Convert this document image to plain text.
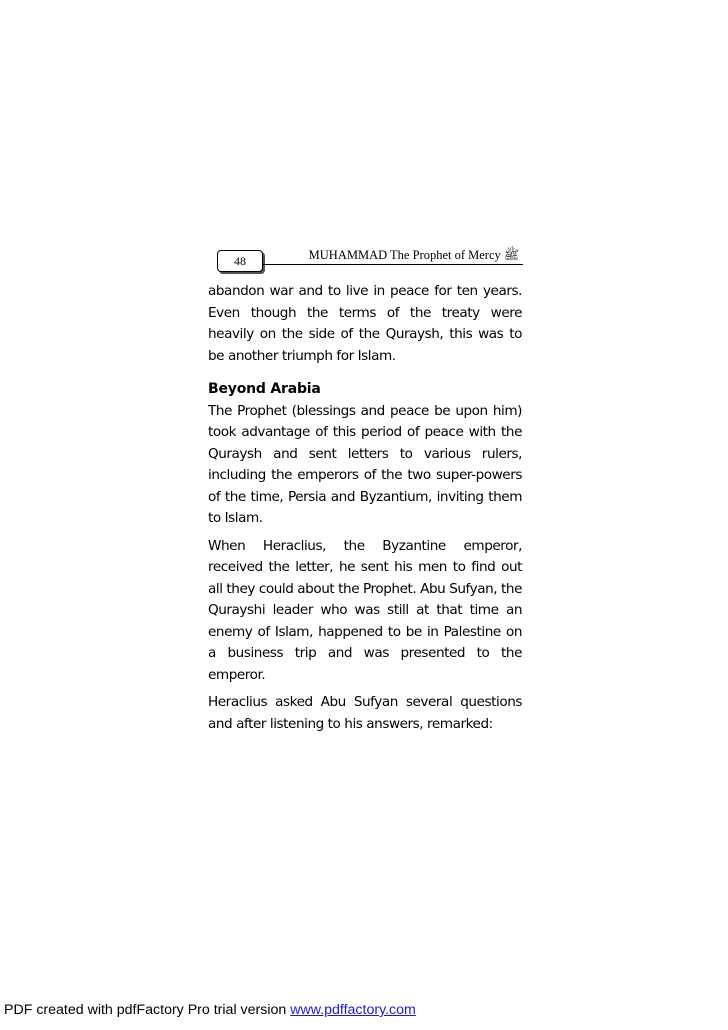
48	MUHAMMAD The Prophet of Mercy ﷺ

abandon war and to live in peace for ten years. Even though the terms of the treaty were heavily on the side of the Quraysh, this was to be another triumph for Islam.

Beyond Arabia

The Prophet (blessings and peace be upon him) took advantage of this period of peace with the Quraysh and sent letters to various rulers, including the emperors of the two super-powers of the time, Persia and Byzantium, inviting them to Islam.

When Heraclius, the Byzantine emperor, received the letter, he sent his men to find out all they could about the Prophet. Abu Sufyan, the Qurayshi leader who was still at that time an enemy of Islam, happened to be in Palestine on a business trip and was presented to the emperor.

Heraclius asked Abu Sufyan several questions and after listening to his answers, remarked:

PDF created with pdfFactory Pro trial version www.pdffactory.com
